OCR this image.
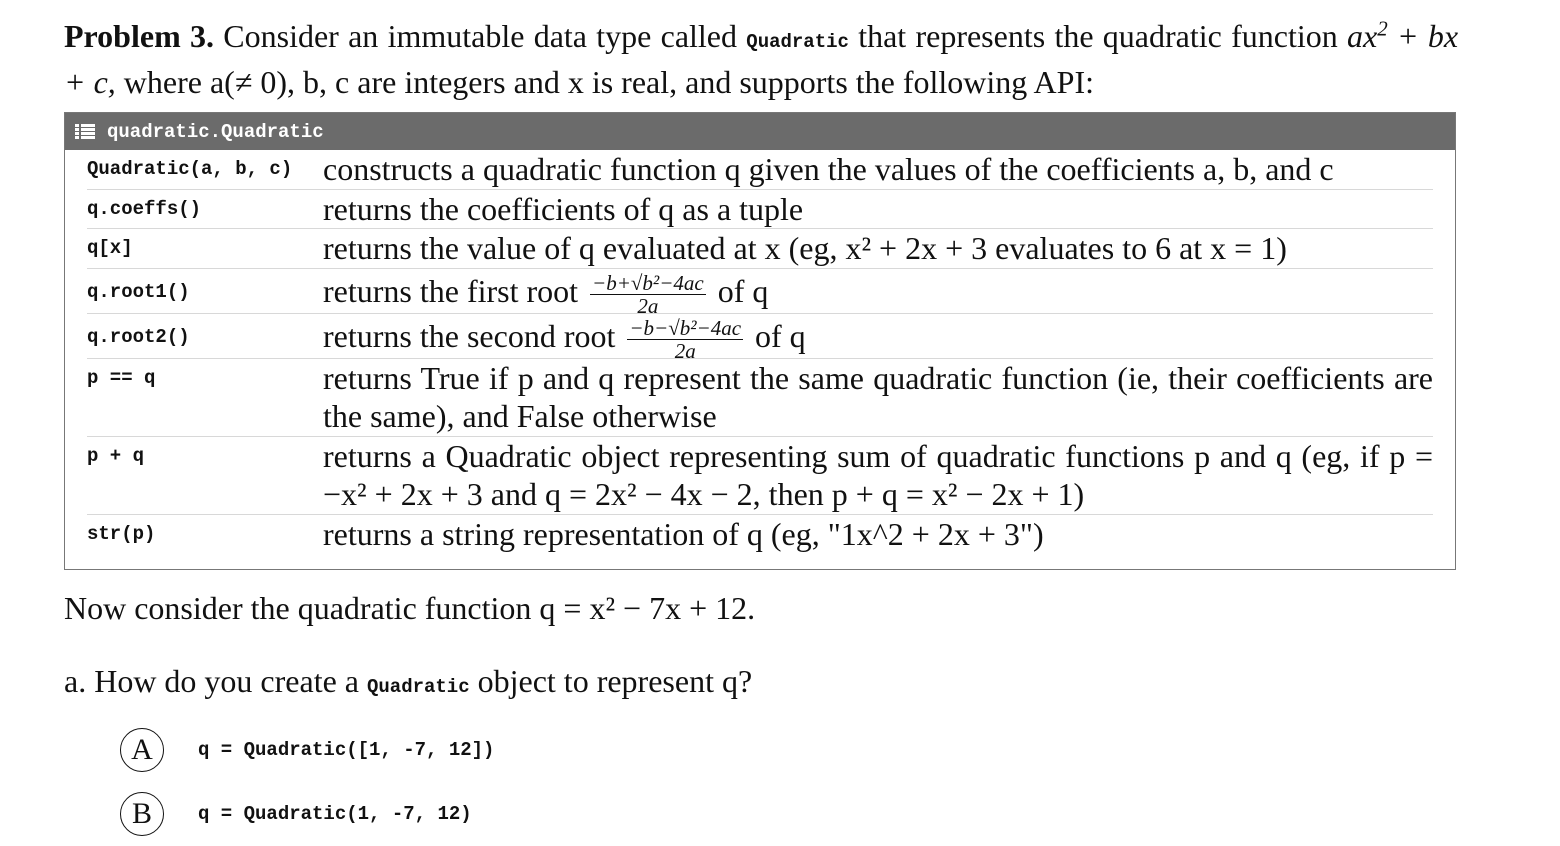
Problem 3. Consider an immutable data type called Quadratic that represents the quadratic function $ax^2$ + bx + c, where a(≠ 0), b, c are integers and x is real, and supports the following API:
quadratic.Quadratic
Quadratic(a, b, c) constructs a quadratic function q given the values of the coefficients a, b, and c
q.coeffs()	returns the coefficients of q as a tuple
q[x]	returns the value of q evaluated at x (eg, x² + 2x + 3 evaluates to 6 at x = 1)
q.root1()	returns the first root $\frac{\text{−b+√b²−4ac}}{2a}$ of q
q.root2()	returns the second root $\frac{\text{−b−√b²−4ac}}{2a}$ of q
p == q	returns True if p and q represent the same quadratic function (ie, their coefficients are the same), and False otherwise
p + q	returns a Quadratic object representing sum of quadratic functions p and q (eg, if p = −x² + 2x + 3 and q = 2x² − 4x − 2, then p + q = x² − 2x + 1)
str(p)	returns a string representation of q (eg, "1x^2 + 2x + 3")
Now consider the quadratic function q = x² − 7x + 12.
a. How do you create a Quadratic object to represent q?
A	q = Quadratic([1, -7, 12])
B	q = Quadratic(1, -7, 12)
